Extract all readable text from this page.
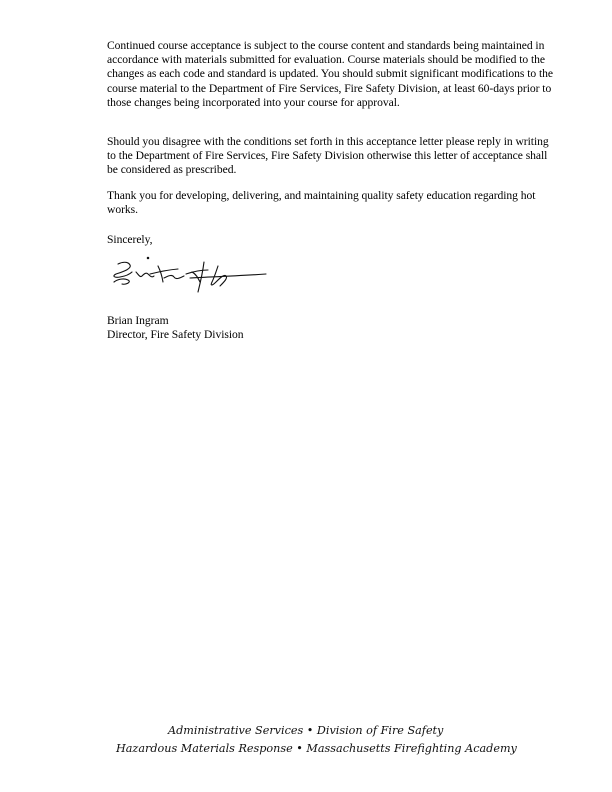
Continued course acceptance is subject to the course content and standards being maintained in accordance with materials submitted for evaluation. Course materials should be modified to the changes as each code and standard is updated. You should submit significant modifications to the course material to the Department of Fire Services, Fire Safety Division, at least 60-days prior to those changes being incorporated into your course for approval.

Should you disagree with the conditions set forth in this acceptance letter please reply in writing to the Department of Fire Services, Fire Safety Division otherwise this letter of acceptance shall be considered as prescribed.

Thank you for developing, delivering, and maintaining quality safety education regarding hot works.

Sincerely,

Brian Ingram

Director, Fire Safety Division

Administrative Services • Division of Fire Safety
Hazardous Materials Response • Massachusetts Firefighting Academy
